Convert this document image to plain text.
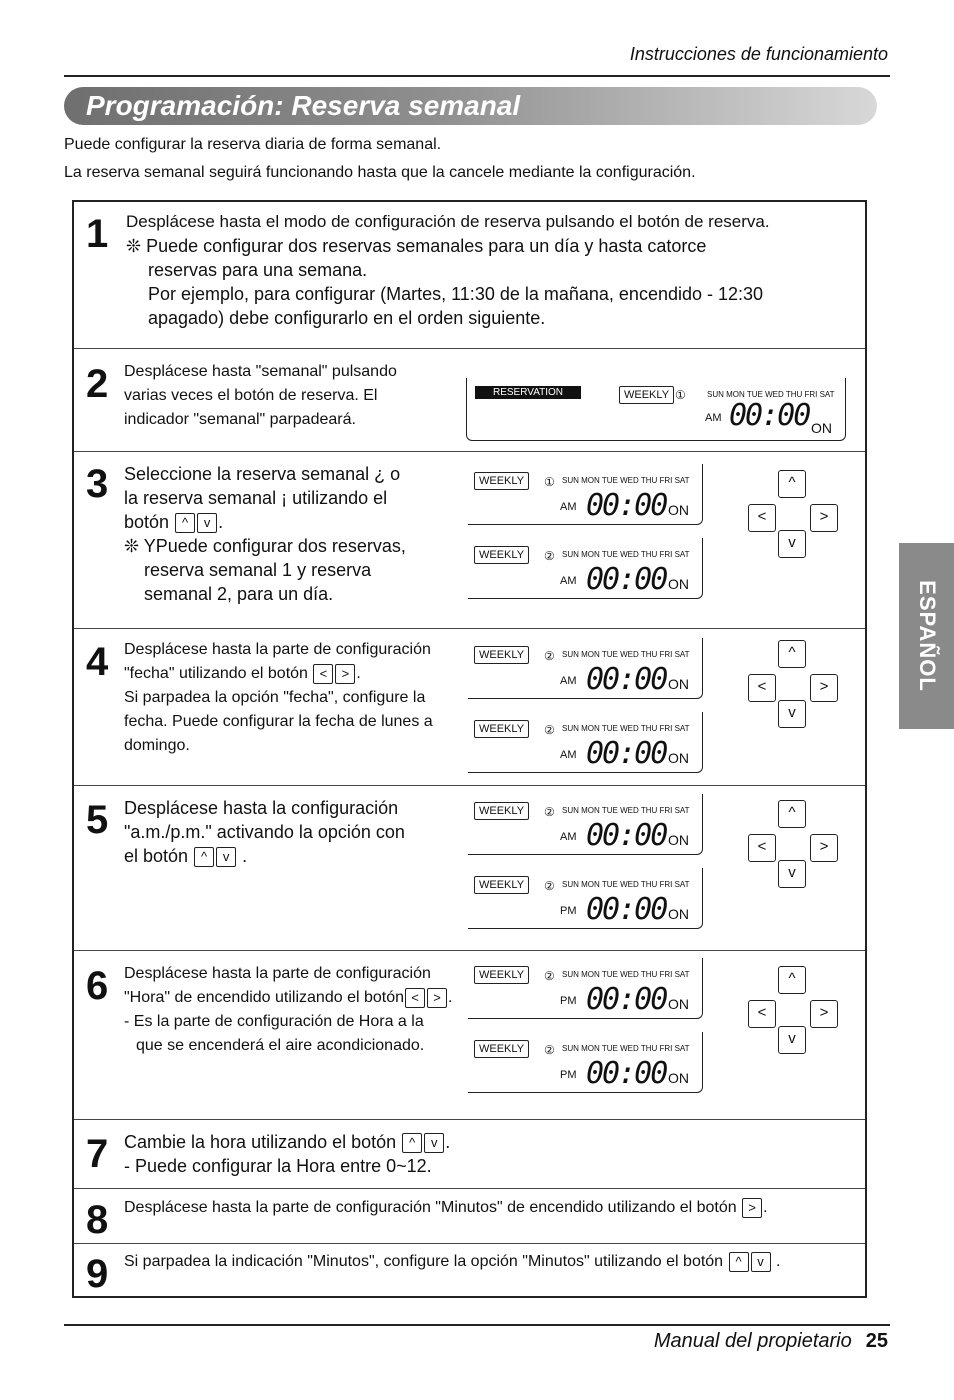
Instrucciones de funcionamiento
Programación: Reserva semanal
Puede configurar la reserva diaria de forma semanal.
La reserva semanal seguirá funcionando hasta que la cancele mediante la configuración.
ESPAÑOL
1 Desplácese hasta el modo de configuración de reserva pulsando el botón de reserva.
❊ Puede configurar dos reservas semanales para un día y hasta catorce
reservas para una semana.
Por ejemplo, para configurar (Martes, 11:30 de la mañana, encendido - 12:30
apagado) debe configurarlo en el orden siguiente.
2 Desplácese hasta "semanal" pulsando
varias veces el botón de reserva. El
indicador "semanal" parpadeará.
RESERVATION	WEEKLY ①	SUN MON TUE WED THU FRI SAT
AM 00:00 ON
3 Seleccione la reserva semanal ¿ o
la reserva semanal ¡ utilizando el
botón ^ v .
❊ YPuede configurar dos reservas,
reserva semanal 1 y reserva
semanal 2, para un día.
4 Desplácese hasta la parte de configuración
"fecha" utilizando el botón < > .
Si parpadea la opción "fecha", configure la
fecha. Puede configurar la fecha de lunes a
domingo.
5 Desplácese hasta la configuración
"a.m./p.m." activando la opción con
el botón ^ v .
6 Desplácese hasta la parte de configuración
"Hora" de encendido utilizando el botón < > .
- Es la parte de configuración de Hora a la
que se encenderá el aire acondicionado.
7 Cambie la hora utilizando el botón ^ v .
- Puede configurar la Hora entre 0~12.
8 Desplácese hasta la parte de configuración "Minutos" de encendido utilizando el botón > .
9 Si parpadea la indicación "Minutos", configure la opción "Minutos" utilizando el botón ^ v .
WEEKLY	① SUN MON TUE WED THU FRI SAT
AM 00:00 ON
WEEKLY	② SUN MON TUE WED THU FRI SAT
AM 00:00 ON
WEEKLY	② SUN MON TUE WED THU FRI SAT
AM 00:00 ON
WEEKLY	② SUN MON TUE WED THU FRI SAT
AM 00:00 ON
WEEKLY	② SUN MON TUE WED THU FRI SAT
AM 00:00 ON
WEEKLY	② SUN MON TUE WED THU FRI SAT
PM 00:00 ON
WEEKLY	② SUN MON TUE WED THU FRI SAT
PM 00:00 ON
WEEKLY	② SUN MON TUE WED THU FRI SAT
PM 00:00 ON
^
<	>
v
^
<	>
v
^
<	>
v
^
<	>
v
Manual del propietario 25
